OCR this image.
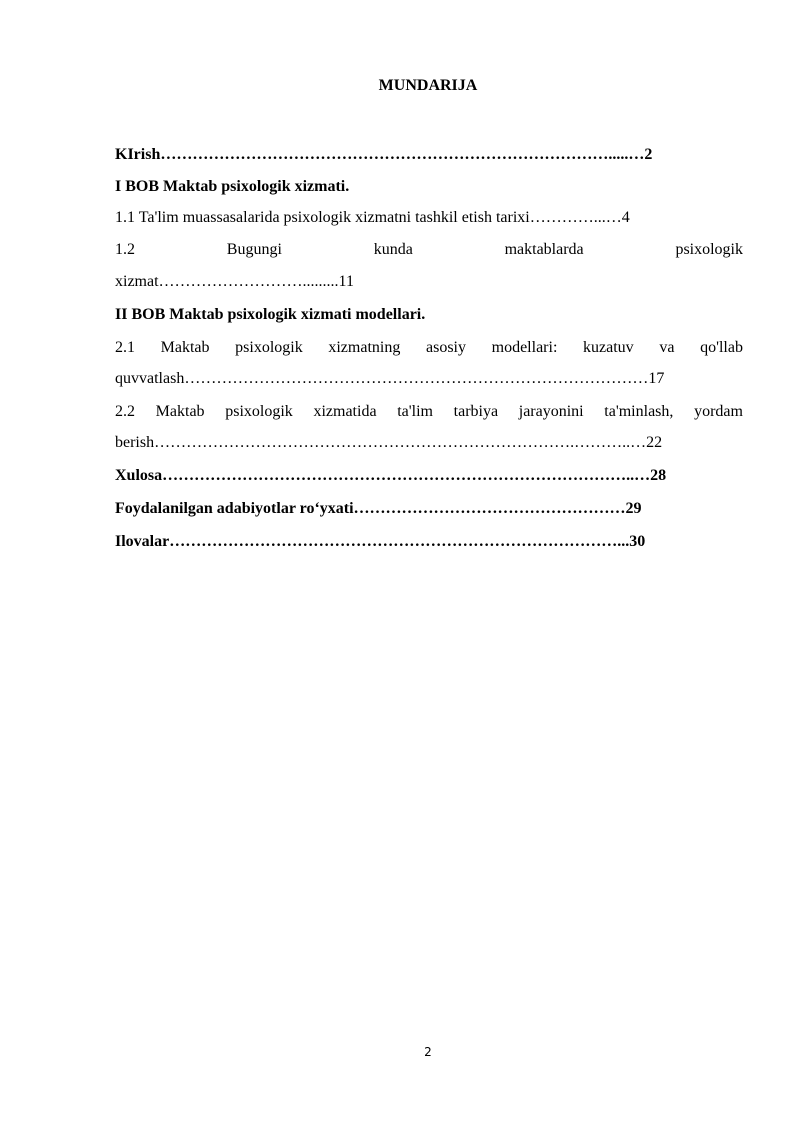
MUNDARIJA
KIrish………………………………………………………………………….....…2
I BOB Maktab psixologik xizmati.
1.1 Ta'lim muassasalarida psixologik xizmatni tashkil etish tarixi…………...…4
1.2	Bugungi	kunda	maktablarda	psixologik
xizmat……………………….........11
II BOB Maktab psixologik xizmati modellari.
2.1 Maktab psixologik xizmatning asosiy modellari: kuzatuv va qo'llab
quvvatlash……………………………………………………………………………17
2.2 Maktab psixologik xizmatida ta'lim tarbiya jarayonini ta'minlash, yordam
berish…………………………………………………………………….………..…22
Xulosa……………………………………………………………………………..…28
Foydalanilgan adabiyotlar ro‘yxati……………………………………………29
Ilovalar…………………………………………………………………………...30
2
